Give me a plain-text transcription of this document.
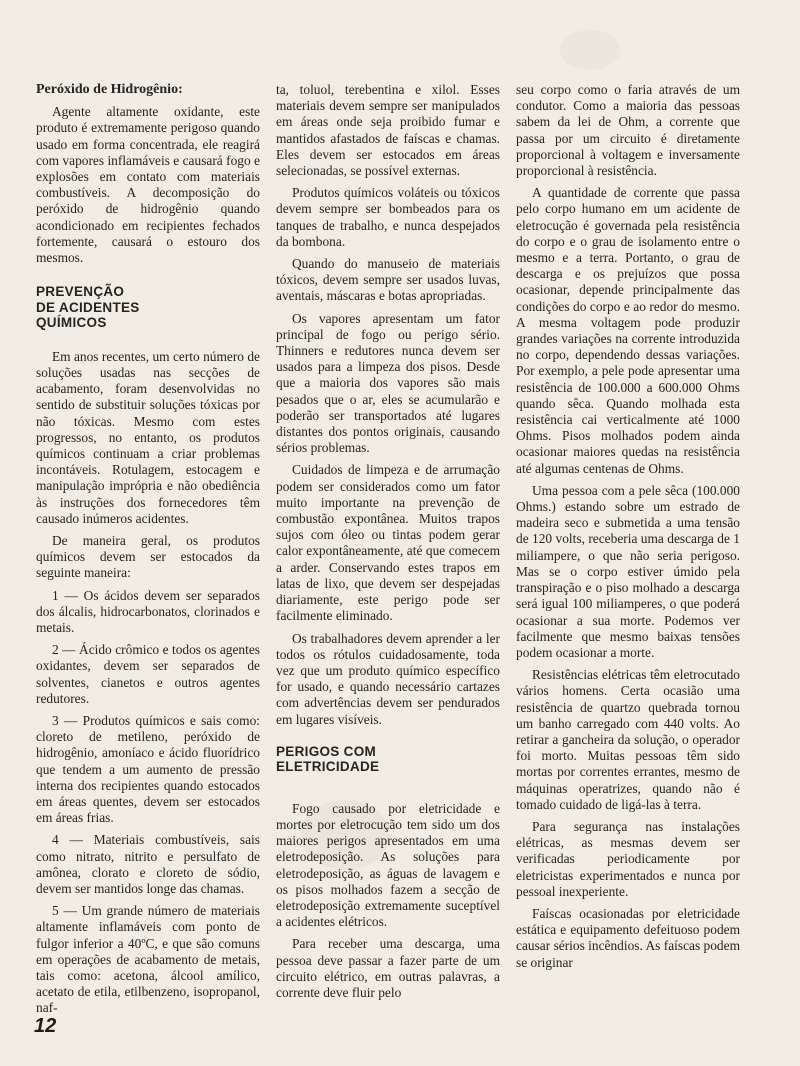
Peróxido de Hidrogênio:

Agente altamente oxidante, este produto é extremamente perigoso quando usado em forma concentrada, ele reagirá com vapores inflamáveis e causará fogo e explosões em contato com materiais combustíveis. A decomposição do peróxido de hidrogênio quando acondicionado em recipientes fechados fortemente, causará o estouro dos mesmos.

PREVENÇÃO DE ACIDENTES QUÍMICOS

Em anos recentes, um certo número de soluções usadas nas secções de acabamento, foram desenvolvidas no sentido de substituir soluções tóxicas por não tóxicas. Mesmo com estes progressos, no entanto, os produtos químicos continuam a criar problemas incontáveis. Rotulagem, estocagem e manipulação imprópria e não obediência às instruções dos fornecedores têm causado inúmeros acidentes.

De maneira geral, os produtos químicos devem ser estocados da seguinte maneira:

1 — Os ácidos devem ser separados dos álcalis, hidrocarbonatos, clorinados e metais.

2 — Ácido crômico e todos os agentes oxidantes, devem ser separados de solventes, cianetos e outros agentes redutores.

3 — Produtos químicos e sais como: cloreto de metileno, peróxido de hidrogênio, amoníaco e ácido fluorídrico que tendem a um aumento de pressão interna dos recipientes quando estocados em áreas quentes, devem ser estocados em áreas frias.

4 — Materiais combustíveis, sais como nitrato, nitrito e persulfato de amônea, clorato e cloreto de sódio, devem ser mantidos longe das chamas.

5 — Um grande número de materiais altamente inflamáveis com ponto de fulgor inferior a 40ºC, e que são comuns em operações de acabamento de metais, tais como: acetona, álcool amílico, acetato de etila, etilbenzeno, isopropanol, naf-

ta, toluol, terebentina e xilol. Esses materiais devem sempre ser manipulados em áreas onde seja proibido fumar e mantidos afastados de faíscas e chamas. Eles devem ser estocados em áreas selecionadas, se possível externas.

Produtos químicos voláteis ou tóxicos devem sempre ser bombeados para os tanques de trabalho, e nunca despejados da bombona.

Quando do manuseio de materiais tóxicos, devem sempre ser usados luvas, aventais, máscaras e botas apropriadas.

Os vapores apresentam um fator principal de fogo ou perigo sério. Thinners e redutores nunca devem ser usados para a limpeza dos pisos. Desde que a maioria dos vapores são mais pesados que o ar, eles se acumularão e poderão ser transportados até lugares distantes dos pontos originais, causando sérios problemas.

Cuidados de limpeza e de arrumação podem ser considerados como um fator muito importante na prevenção de combustão expontânea. Muitos trapos sujos com óleo ou tintas podem gerar calor expontâneamente, até que comecem a arder. Conservando estes trapos em latas de lixo, que devem ser despejadas diariamente, este perigo pode ser facilmente eliminado.

Os trabalhadores devem aprender a ler todos os rótulos cuidadosamente, toda vez que um produto químico específico for usado, e quando necessário cartazes com advertências devem ser pendurados em lugares visíveis.

PERIGOS COM ELETRICIDADE

Fogo causado por eletricidade e mortes por eletrocução tem sido um dos maiores perigos apresentados em uma eletrodeposição. As soluções para eletrodeposição, as águas de lavagem e os pisos molhados fazem a secção de eletrodeposição extremamente suceptível a acidentes elétricos.

Para receber uma descarga, uma pessoa deve passar a fazer parte de um circuito elétrico, em outras palavras, a corrente deve fluir pelo

seu corpo como o faria através de um condutor. Como a maioria das pessoas sabem da lei de Ohm, a corrente que passa por um circuito é diretamente proporcional à voltagem e inversamente proporcional à resistência.

A quantidade de corrente que passa pelo corpo humano em um acidente de eletrocução é governada pela resistência do corpo e o grau de isolamento entre o mesmo e a terra. Portanto, o grau de descarga e os prejuízos que possa ocasionar, depende principalmente das condições do corpo e ao redor do mesmo. A mesma voltagem pode produzir grandes variações na corrente introduzida no corpo, dependendo dessas variações. Por exemplo, a pele pode apresentar uma resistência de 100.000 a 600.000 Ohms quando sêca. Quando molhada esta resistência cai verticalmente até 1000 Ohms. Pisos molhados podem ainda ocasionar maiores quedas na resistência até algumas centenas de Ohms.

Uma pessoa com a pele sêca (100.000 Ohms.) estando sobre um estrado de madeira seco e submetida a uma tensão de 120 volts, receberia uma descarga de 1 miliampere, o que não seria perigoso. Mas se o corpo estiver úmido pela transpiração e o piso molhado a descarga será igual 100 miliamperes, o que poderá ocasionar a sua morte. Podemos ver facilmente que mesmo baixas tensões podem ocasionar a morte.

Resistências elétricas têm eletrocutado vários homens. Certa ocasião uma resistência de quartzo quebrada tornou um banho carregado com 440 volts. Ao retirar a gancheira da solução, o operador foi morto. Muitas pessoas têm sido mortas por correntes errantes, mesmo de máquinas operatrizes, quando não é tomado cuidado de ligá-las à terra.

Para segurança nas instalações elétricas, as mesmas devem ser verificadas periodicamente por eletricistas experimentados e nunca por pessoal inexperiente.

Faíscas ocasionadas por eletricidade estática e equipamento defeituoso podem causar sérios incêndios. As faíscas podem se originar

12
